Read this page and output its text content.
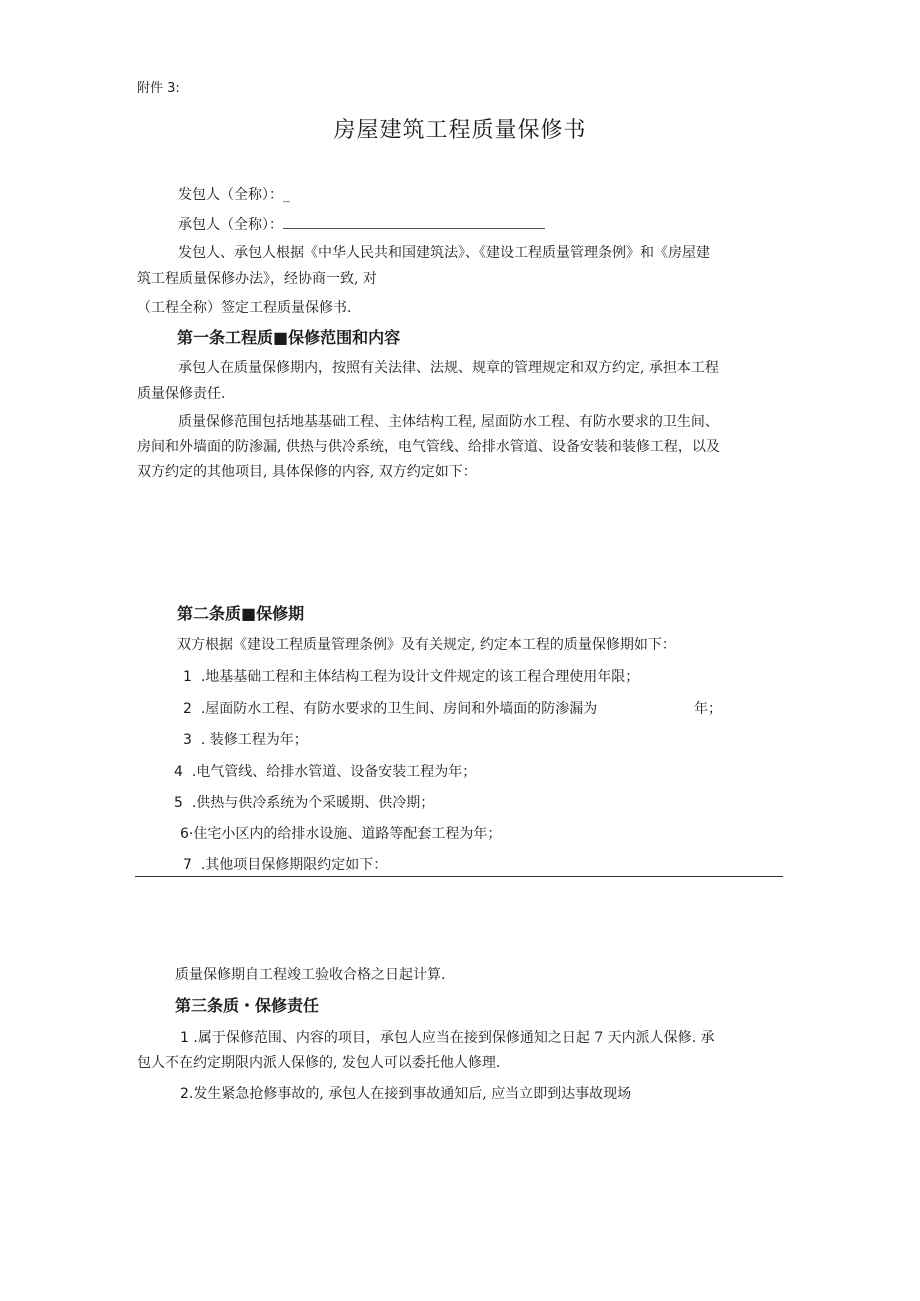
附件 3:
房屋建筑工程质量保修书
发包人（全称）：_
承包人（全称）：
发包人、承包人根据《中华人民共和国建筑法》、《建设工程质量管理条例》和《房屋建
筑工程质量保修办法》，经协商一致, 对
（工程全称）签定工程质量保修书.
第一条工程质■保修范围和内容
承包人在质量保修期内，按照有关法律、法规、规章的管理规定和双方约定, 承担本工程
质量保修责任.
质量保修范围包括地基基础工程、主体结构工程, 屋面防水工程、有防水要求的卫生间、
房间和外墙面的防渗漏, 供热与供冷系统，电气管线、给排水管道、设备安装和装修工程，以及
双方约定的其他项目, 具体保修的内容, 双方约定如下：
第二条质■保修期
双方根据《建设工程质量管理条例》及有关规定, 约定本工程的质量保修期如下：
1 .地基基础工程和主体结构工程为设计文件规定的该工程合理使用年限；
2 .屋面防水工程、有防水要求的卫生间、房间和外墙面的防渗漏为	年；
3 . 装修工程为年；
4 .电气管线、给排水管道、设备安装工程为年；
5 .供热与供冷系统为个采暖期、供冷期；
6·住宅小区内的给排水设施、道路等配套工程为年；
7 .其他项目保修期限约定如下：
质量保修期自工程竣工验收合格之日起计算.
第三条质・保修责任
1 .属于保修范围、内容的项目，承包人应当在接到保修通知之日起 7 天内派人保修. 承
包人不在约定期限内派人保修的, 发包人可以委托他人修理.
2.发生紧急抢修事故的, 承包人在接到事故通知后, 应当立即到达事故现场
